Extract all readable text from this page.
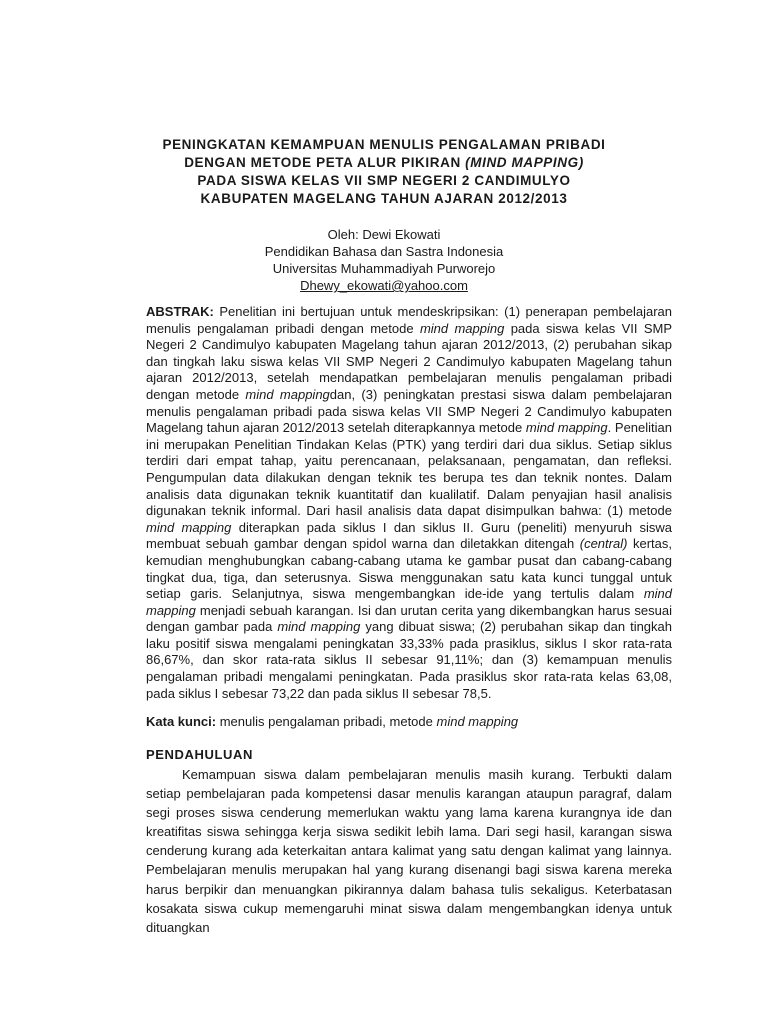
PENINGKATAN KEMAMPUAN MENULIS PENGALAMAN PRIBADI
DENGAN METODE PETA ALUR PIKIRAN (MIND MAPPING)
PADA SISWA KELAS VII SMP NEGERI 2 CANDIMULYO
KABUPATEN MAGELANG TAHUN AJARAN 2012/2013
Oleh: Dewi Ekowati
Pendidikan Bahasa dan Sastra Indonesia
Universitas Muhammadiyah Purworejo
Dhewy_ekowati@yahoo.com

ABSTRAK: Penelitian ini bertujuan untuk mendeskripsikan: (1) penerapan pembelajaran menulis pengalaman pribadi dengan metode mind mapping pada siswa kelas VII SMP Negeri 2 Candimulyo kabupaten Magelang tahun ajaran 2012/2013, (2) perubahan sikap dan tingkah laku siswa kelas VII SMP Negeri 2 Candimulyo kabupaten Magelang tahun ajaran 2012/2013, setelah mendapatkan pembelajaran menulis pengalaman pribadi dengan metode mind mappingdan, (3) peningkatan prestasi siswa dalam pembelajaran menulis pengalaman pribadi pada siswa kelas VII SMP Negeri 2 Candimulyo kabupaten Magelang tahun ajaran 2012/2013 setelah diterapkannya metode mind mapping. Penelitian ini merupakan Penelitian Tindakan Kelas (PTK) yang terdiri dari dua siklus. Setiap siklus terdiri dari empat tahap, yaitu perencanaan, pelaksanaan, pengamatan, dan refleksi. Pengumpulan data dilakukan dengan teknik tes berupa tes dan teknik nontes. Dalam analisis data digunakan teknik kuantitatif dan kualilatif. Dalam penyajian hasil analisis digunakan teknik informal. Dari hasil analisis data dapat disimpulkan bahwa: (1) metode mind mapping diterapkan pada siklus I dan siklus II. Guru (peneliti) menyuruh siswa membuat sebuah gambar dengan spidol warna dan diletakkan ditengah (central) kertas, kemudian menghubungkan cabang-cabang utama ke gambar pusat dan cabang-cabang tingkat dua, tiga, dan seterusnya. Siswa menggunakan satu kata kunci tunggal untuk setiap garis. Selanjutnya, siswa mengembangkan ide-ide yang tertulis dalam mind mapping menjadi sebuah karangan. Isi dan urutan cerita yang dikembangkan harus sesuai dengan gambar pada mind mapping yang dibuat siswa; (2) perubahan sikap dan tingkah laku positif siswa mengalami peningkatan 33,33% pada prasiklus, siklus I skor rata-rata 86,67%, dan skor rata-rata siklus II sebesar 91,11%; dan (3) kemampuan menulis pengalaman pribadi mengalami peningkatan. Pada prasiklus skor rata-rata kelas 63,08, pada siklus I sebesar 73,22 dan pada siklus II sebesar 78,5.

Kata kunci: menulis pengalaman pribadi, metode mind mapping

PENDAHULUAN

Kemampuan siswa dalam pembelajaran menulis masih kurang. Terbukti dalam setiap pembelajaran pada kompetensi dasar menulis karangan ataupun paragraf, dalam segi proses siswa cenderung memerlukan waktu yang lama karena kurangnya ide dan kreatifitas siswa sehingga kerja siswa sedikit lebih lama. Dari segi hasil, karangan siswa cenderung kurang ada keterkaitan antara kalimat yang satu dengan kalimat yang lainnya. Pembelajaran menulis merupakan hal yang kurang disenangi bagi siswa karena mereka harus berpikir dan menuangkan pikirannya dalam bahasa tulis sekaligus. Keterbatasan kosakata siswa cukup memengaruhi minat siswa dalam mengembangkan idenya untuk dituangkan
